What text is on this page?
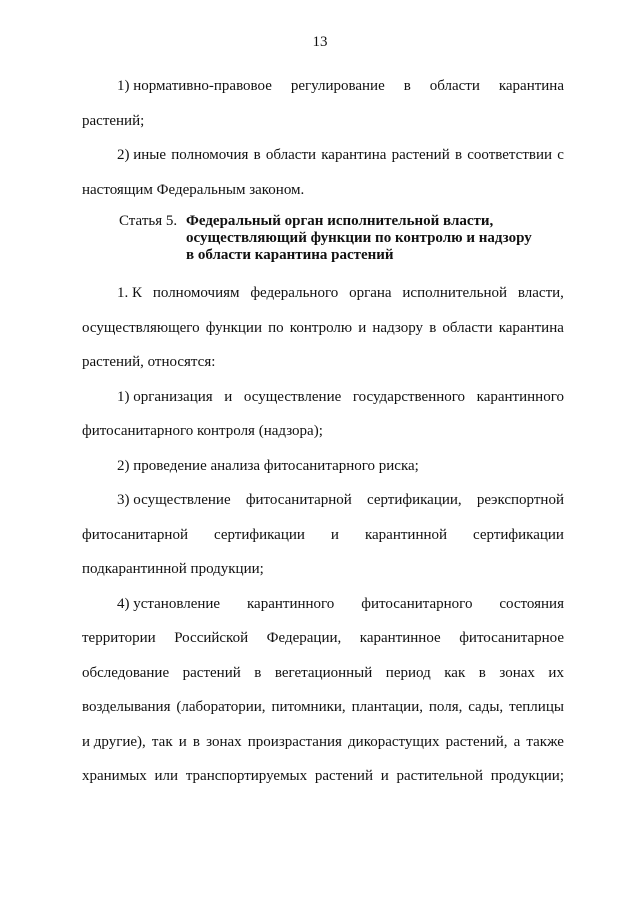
13
1) нормативно-правовое регулирование в области карантина
растений;
2) иные полномочия в области карантина растений в соответствии с
настоящим Федеральным законом.
Статья 5. Федеральный орган исполнительной власти,
осуществляющий функции по контролю и надзору
в области карантина растений
1. К полномочиям федерального органа исполнительной власти,
осуществляющего функции по контролю и надзору в области карантина
растений, относятся:
1) организация и осуществление государственного карантинного
фитосанитарного контроля (надзора);
2) проведение анализа фитосанитарного риска;
3) осуществление фитосанитарной сертификации, реэкспортной
фитосанитарной сертификации и карантинной сертификации
подкарантинной продукции;
4) установление карантинного фитосанитарного состояния
территории Российской Федерации, карантинное фитосанитарное
обследование растений в вегетационный период как в зонах их
возделывания (лаборатории, питомники, плантации, поля, сады, теплицы
и другие), так и в зонах произрастания дикорастущих растений, а также
хранимых или транспортируемых растений и растительной продукции;
